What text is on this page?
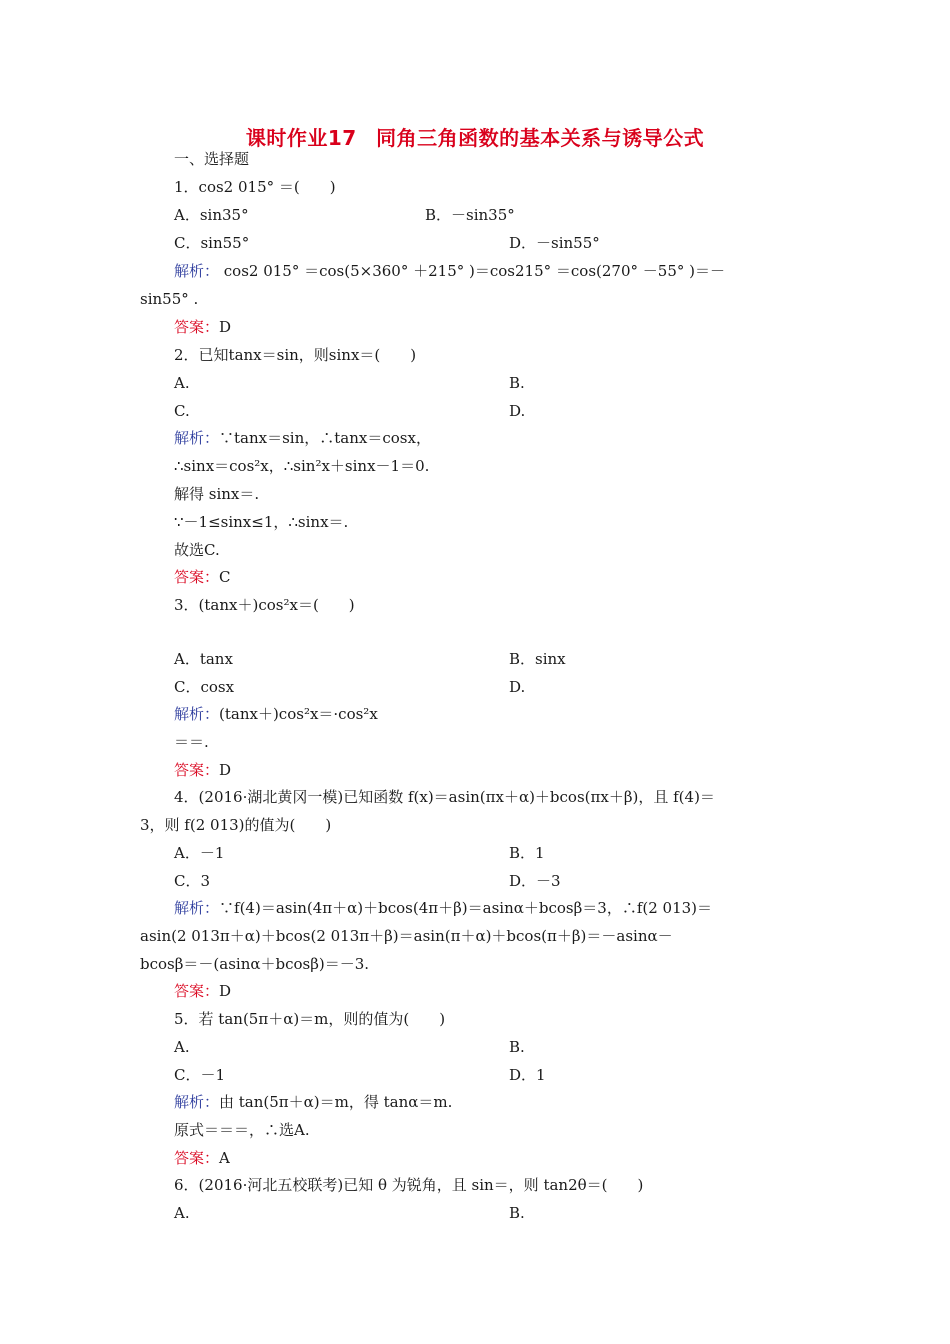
课时作业17 同角三角函数的基本关系与诱导公式
一、选择题
1．cos2 015° ＝(　　)
A．sin35°	B．－sin35°
C．sin55°	D．－sin55°
解析： cos2 015° ＝cos(5×360° ＋215° )＝cos215° ＝cos(270° －55° )＝－
sin55° .
答案：D
2．已知tanx＝sin，则sinx＝(　　)
A.	B.
C.	D.
解析：∵tanx＝sin，∴tanx＝cosx，
∴sinx＝cos²x，∴sin²x＋sinx－1＝0.
解得 sinx＝.
∵－1≤sinx≤1，∴sinx＝.
故选C.
答案：C
3．(tanx＋)cos²x＝(　　)
A．tanx	B．sinx
C．cosx	D.
解析：(tanx＋)cos²x＝·cos²x
＝＝.
答案：D
4．(2016·湖北黄冈一模)已知函数 f(x)＝asin(πx＋α)＋bcos(πx＋β)，且 f(4)＝
3，则 f(2 013)的值为(　　)
A．－1	B．1
C．3	D．－3
解析：∵f(4)＝asin(4π＋α)＋bcos(4π＋β)＝asinα＋bcosβ＝3，∴f(2 013)＝
asin(2 013π＋α)＋bcos(2 013π＋β)＝asin(π＋α)＋bcos(π＋β)＝－asinα－
bcosβ＝－(asinα＋bcosβ)＝－3.
答案：D
5．若 tan(5π＋α)＝m，则的值为(　　)
A.	B.
C．－1	D．1
解析：由 tan(5π＋α)＝m，得 tanα＝m.
原式＝＝＝，∴选A.
答案：A
6．(2016·河北五校联考)已知 θ 为锐角，且 sin＝，则 tan2θ＝(　　)
A.	B.
